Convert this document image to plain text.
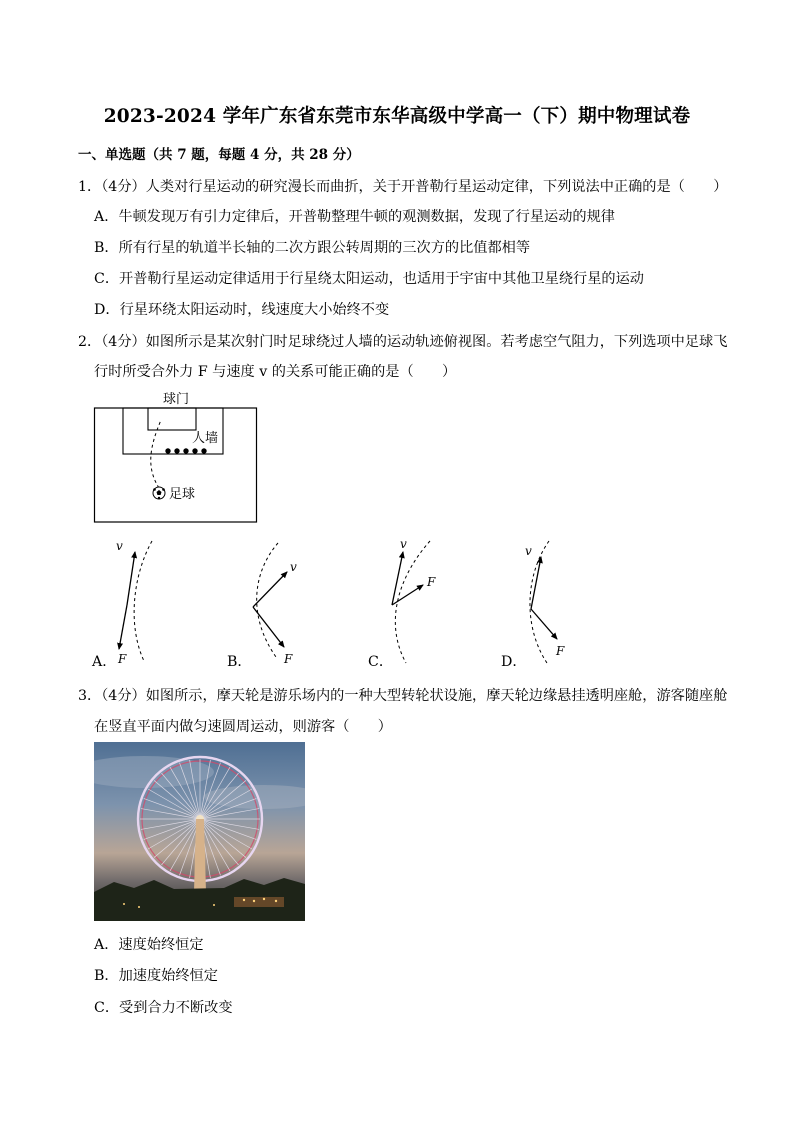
2023-2024 学年广东省东莞市东华高级中学高一（下）期中物理试卷
一、单选题（共 7 题，每题 4 分，共 28 分）
1．（4分）人类对行星运动的研究漫长而曲折，关于开普勒行星运动定律，下列说法中正确的是（　　）
A．牛顿发现万有引力定律后，开普勒整理牛顿的观测数据，发现了行星运动的规律
B．所有行星的轨道半长轴的二次方跟公转周期的三次方的比值都相等
C．开普勒行星运动定律适用于行星绕太阳运动，也适用于宇宙中其他卫星绕行星的运动
D．行星环绕太阳运动时，线速度大小始终不变
2．（4分）如图所示是某次射门时足球绕过人墙的运动轨迹俯视图。若考虑空气阻力，下列选项中足球飞
行时所受合外力 F 与速度 v 的关系可能正确的是（　　）
球门
人墙
足球
v
F
A．
v
F
B．
v
F
C．
v
F
D．
3．（4分）如图所示，摩天轮是游乐场内的一种大型转轮状设施，摩天轮边缘悬挂透明座舱，游客随座舱
在竖直平面内做匀速圆周运动，则游客（　　）
A．速度始终恒定
B．加速度始终恒定
C．受到合力不断改变
